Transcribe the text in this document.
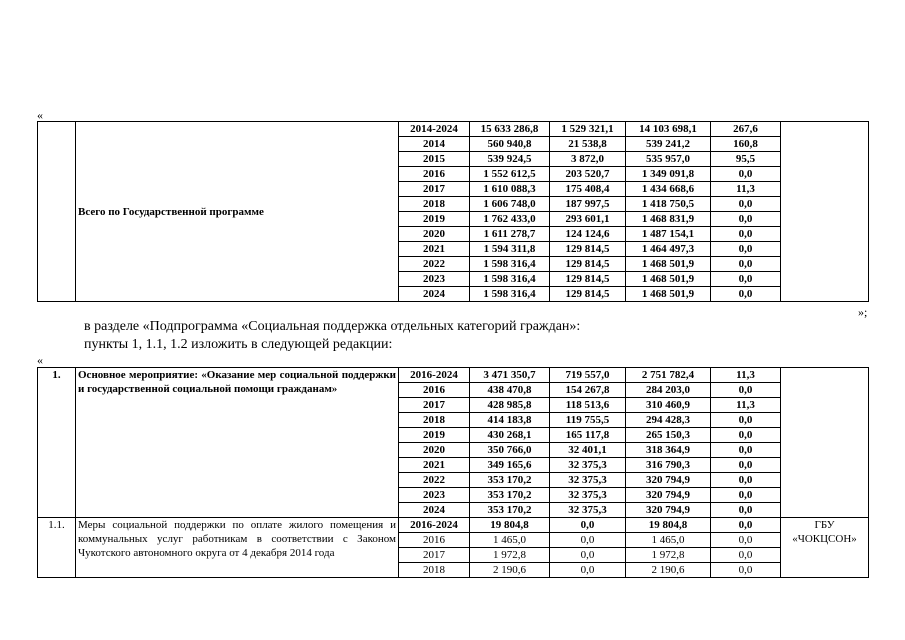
«
	Всего по Государственной программе	2014-2024	15 633 286,8	1 529 321,1	14 103 698,1	267,6	
		2014	560 940,8	21 538,8	539 241,2	160,8	
		2015	539 924,5	3 872,0	535 957,0	95,5	
		2016	1 552 612,5	203 520,7	1 349 091,8	0,0	
		2017	1 610 088,3	175 408,4	1 434 668,6	11,3	
		2018	1 606 748,0	187 997,5	1 418 750,5	0,0	
		2019	1 762 433,0	293 601,1	1 468 831,9	0,0	
		2020	1 611 278,7	124 124,6	1 487 154,1	0,0	
		2021	1 594 311,8	129 814,5	1 464 497,3	0,0	
		2022	1 598 316,4	129 814,5	1 468 501,9	0,0	
		2023	1 598 316,4	129 814,5	1 468 501,9	0,0	
		2024	1 598 316,4	129 814,5	1 468 501,9	0,0	
»;
в разделе «Подпрограмма «Социальная поддержка отдельных категорий граждан»:
пункты 1, 1.1, 1.2 изложить в следующей редакции:
«
1.	Основное мероприятие: «Оказание мер социальной поддержки и государственной социальной помощи гражданам»	2016-2024	3 471 350,7	719 557,0	2 751 782,4	11,3	
		2016	438 470,8	154 267,8	284 203,0	0,0	
		2017	428 985,8	118 513,6	310 460,9	11,3	
		2018	414 183,8	119 755,5	294 428,3	0,0	
		2019	430 268,1	165 117,8	265 150,3	0,0	
		2020	350 766,0	32 401,1	318 364,9	0,0	
		2021	349 165,6	32 375,3	316 790,3	0,0	
		2022	353 170,2	32 375,3	320 794,9	0,0	
		2023	353 170,2	32 375,3	320 794,9	0,0	
		2024	353 170,2	32 375,3	320 794,9	0,0	
1.1.	Меры социальной поддержки по оплате жилого помещения и коммунальных услуг работникам в соответствии с Законом Чукотского автономного округа от 4 декабря 2014 года	2016-2024	19 804,8	0,0	19 804,8	0,0	ГБУ «ЧОКЦСОН»
		2016	1 465,0	0,0	1 465,0	0,0	
		2017	1 972,8	0,0	1 972,8	0,0	
		2018	2 190,6	0,0	2 190,6	0,0	
